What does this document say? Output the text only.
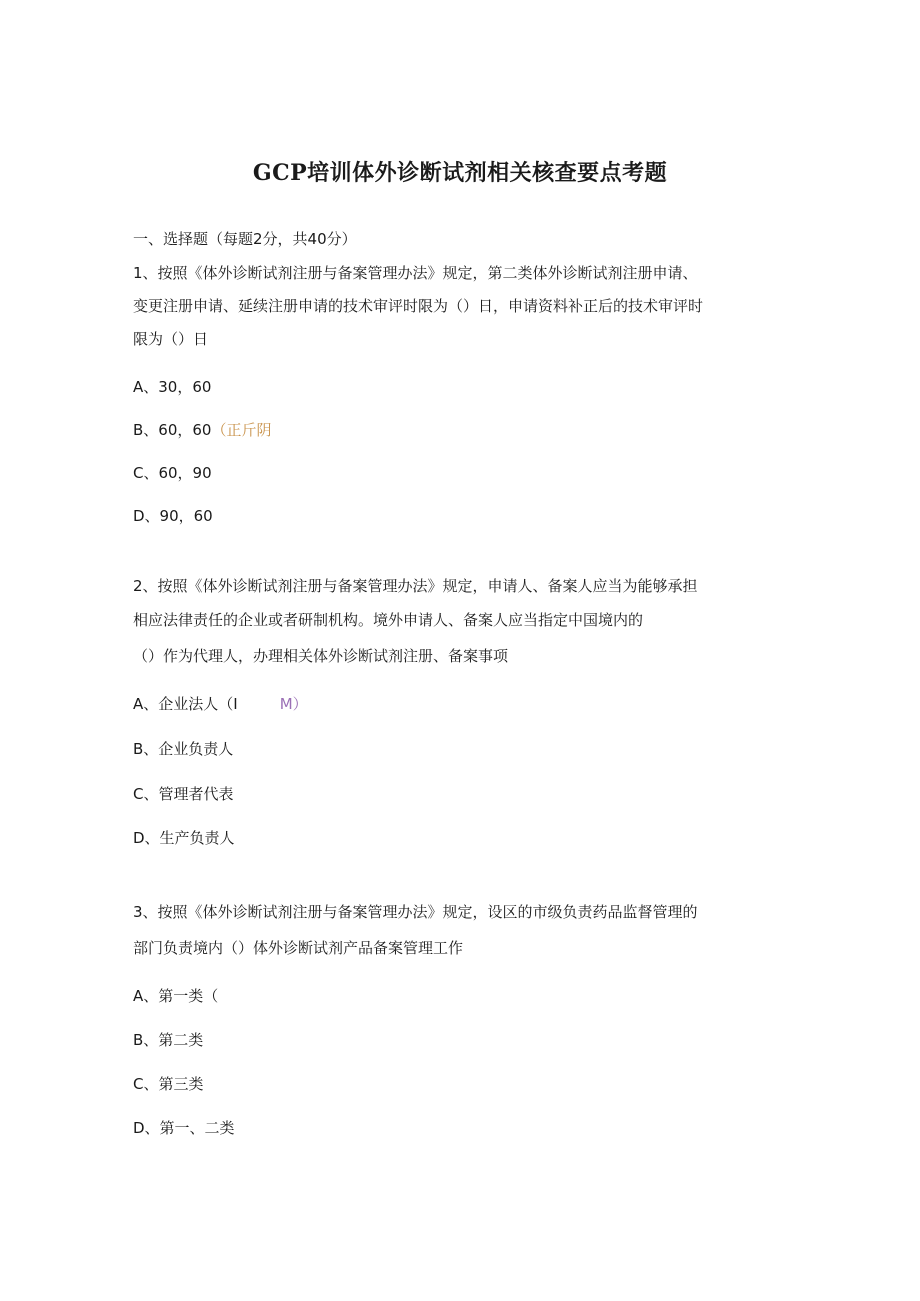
GCP培训体外诊断试剂相关核查要点考题
一、选择题（每题2分，共40分）
1、按照《体外诊断试剂注册与备案管理办法》规定，第二类体外诊断试剂注册申请、
变更注册申请、延续注册申请的技术审评时限为（）日，申请资料补正后的技术审评时
限为（）日
A、30，60
B、60，60（正斤阴
C、60，90
D、90，60
2、按照《体外诊断试剂注册与备案管理办法》规定，申请人、备案人应当为能够承担
相应法律责任的企业或者研制机构。境外申请人、备案人应当指定中国境内的
（）作为代理人，办理相关体外诊断试剂注册、备案事项
A、企业法人（I	M）
B、企业负责人
C、管理者代表
D、生产负责人
3、按照《体外诊断试剂注册与备案管理办法》规定，设区的市级负责药品监督管理的
部门负责境内（）体外诊断试剂产品备案管理工作
A、第一类（
B、第二类
C、第三类
D、第一、二类
